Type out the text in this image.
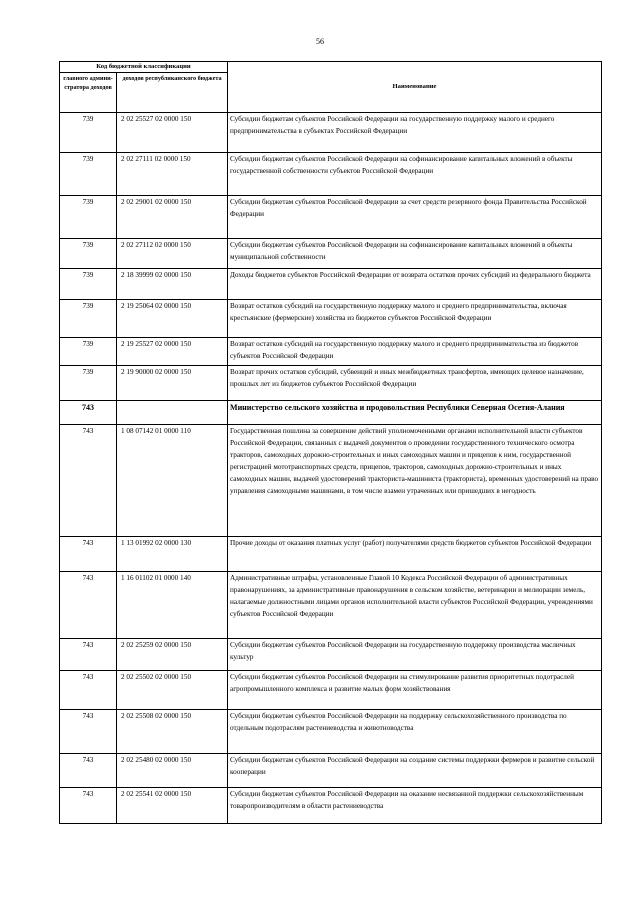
56
Код бюджетной классификации		Наименование
главного админи-стратора доходов	доходов республиканского бюджета	
739	2 02 25527 02 0000 150	Субсидии бюджетам субъектов Российской Федерации на государственную поддержку малого и среднего предпринимательства в субъектах Российской Федерации
739	2 02 27111 02 0000 150	Субсидии бюджетам субъектов Российской Федерации на софинансирование капитальных вложений в объекты государственной собственности субъектов Российской Федерации
739	2 02 29001 02 0000 150	Субсидии бюджетам субъектов Российской Федерации за счет средств резервного фонда Правительства Российской Федерации
739	2 02 27112 02 0000 150	Субсидии бюджетам субъектов Российской Федерации на софинансирование капитальных вложений в объекты муниципальной собственности
739	2 18 39999 02 0000 150	Доходы бюджетов субъектов Российской Федерации от возврата остатков прочих субсидий из федерального бюджета
739	2 19 25064 02 0000 150	Возврат остатков субсидий на государственную поддержку малого и среднего предпринимательства, включая крестьянские (фермерские) хозяйства из бюджетов субъектов Российской Федерации
739	2 19 25527 02 0000 150	Возврат остатков субсидий на государственную поддержку малого и среднего предпринимательства из бюджетов субъектов Российской Федерации
739	2 19 90000 02 0000 150	Возврат прочих остатков субсидий, субвенций и иных межбюджетных трансфертов, имеющих целевое назначение, прошлых лет из бюджетов субъектов Российской Федерации
743		Министерство сельского хозяйства и продовольствия Республики Северная Осетия-Алания
743	1 08 07142 01 0000 110	Государственная пошлина за совершение действий уполномоченными органами исполнительной власти субъектов Российской Федерации, связанных с выдачей документов о проведении государственного технического осмотра тракторов, самоходных дорожно-строительных и иных самоходных машин и прицепов к ним, государственной регистрацией мототранспортных средств, прицепов, тракторов, самоходных дорожно-строительных и иных самоходных машин, выдачей удостоверений тракториста-машиниста (тракториста), временных удостоверений на право управления самоходными машинами, в том числе взамен утраченных или пришедших в негодность
743	1 13 01992 02 0000 130	Прочие доходы от оказания платных услуг (работ) получателями средств бюджетов субъектов Российской Федерации
743	1 16 01102 01 0000 140	Административные штрафы, установленные Главой 10 Кодекса Российской Федерации об административных правонарушениях, за административные правонарушения в сельском хозяйстве, ветеринарии и мелиорации земель, налагаемые должностными лицами органов исполнительной власти субъектов Российской Федерации, учреждениями субъектов Российской Федерации
743	2 02 25259 02 0000 150	Субсидии бюджетам субъектов Российской Федерации на государственную поддержку производства масличных культур
743	2 02 25502 02 0000 150	Субсидии бюджетам субъектов Российской Федерации на стимулирование развития приоритетных подотраслей агропромышленного комплекса и развитие малых форм хозяйствования
743	2 02 25508 02 0000 150	Субсидии бюджетам субъектов Российской Федерации на поддержку сельскохозяйственного производства по отдельным подотраслям растениеводства и животноводства
743	2 02 25480 02 0000 150	Субсидии бюджетам субъектов Российской Федерации на создание системы поддержки фермеров и развитие сельской кооперации
743	2 02 25541 02 0000 150	Субсидии бюджетам субъектов Российской Федерации на оказание несвязанной поддержки сельскохозяйственным товаропроизводителям в области растениеводства
